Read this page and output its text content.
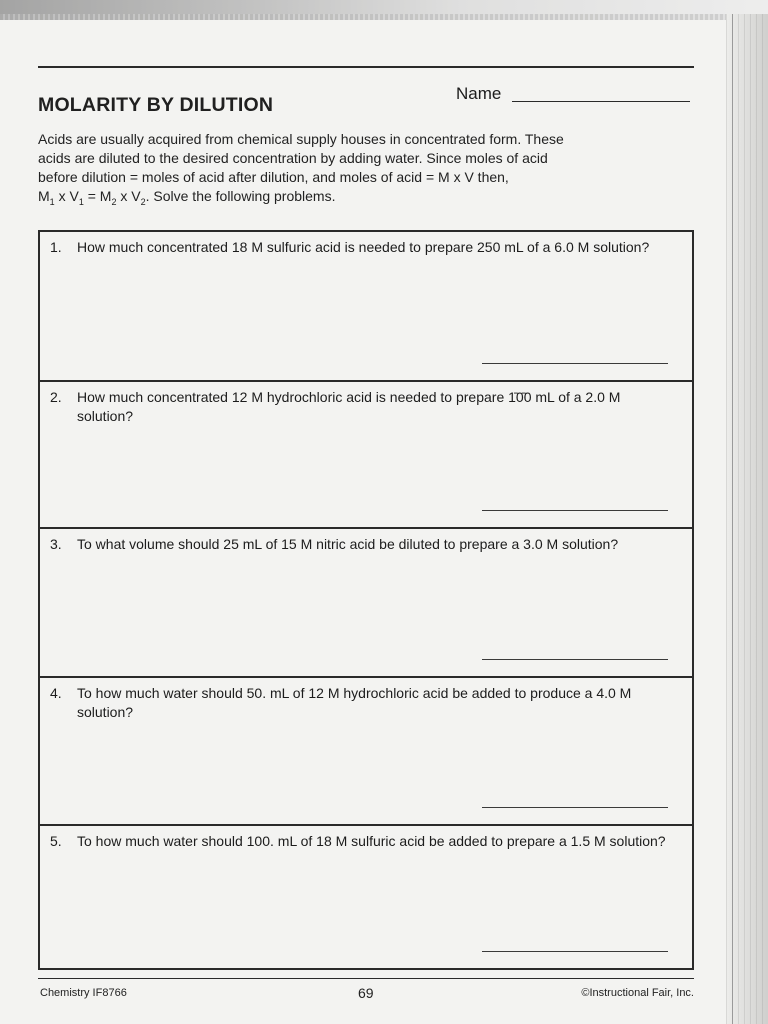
MOLARITY BY DILUTION
Name
Acids are usually acquired from chemical supply houses in concentrated form. These
acids are diluted to the desired concentration by adding water. Since moles of acid
before dilution = moles of acid after dilution, and moles of acid = M x V then,
$M_1$ x $V_1 = M_2$ x $V_2$. Solve the following problems.
1. How much concentrated 18 M sulfuric acid is needed to prepare 250 mL of a 6.0 M solution?
2. How much concentrated 12 M hydrochloric acid is needed to prepare 1̄0̄0 mL of a 2.0 M solution?
3. To what volume should 25 mL of 15 M nitric acid be diluted to prepare a 3.0 M solution?
4. To how much water should 50. mL of 12 M hydrochloric acid be added to produce a 4.0 M solution?
5. To how much water should 100. mL of 18 M sulfuric acid be added to prepare a 1.5 M solution?
Chemistry IF8766	69	©Instructional Fair, Inc.
